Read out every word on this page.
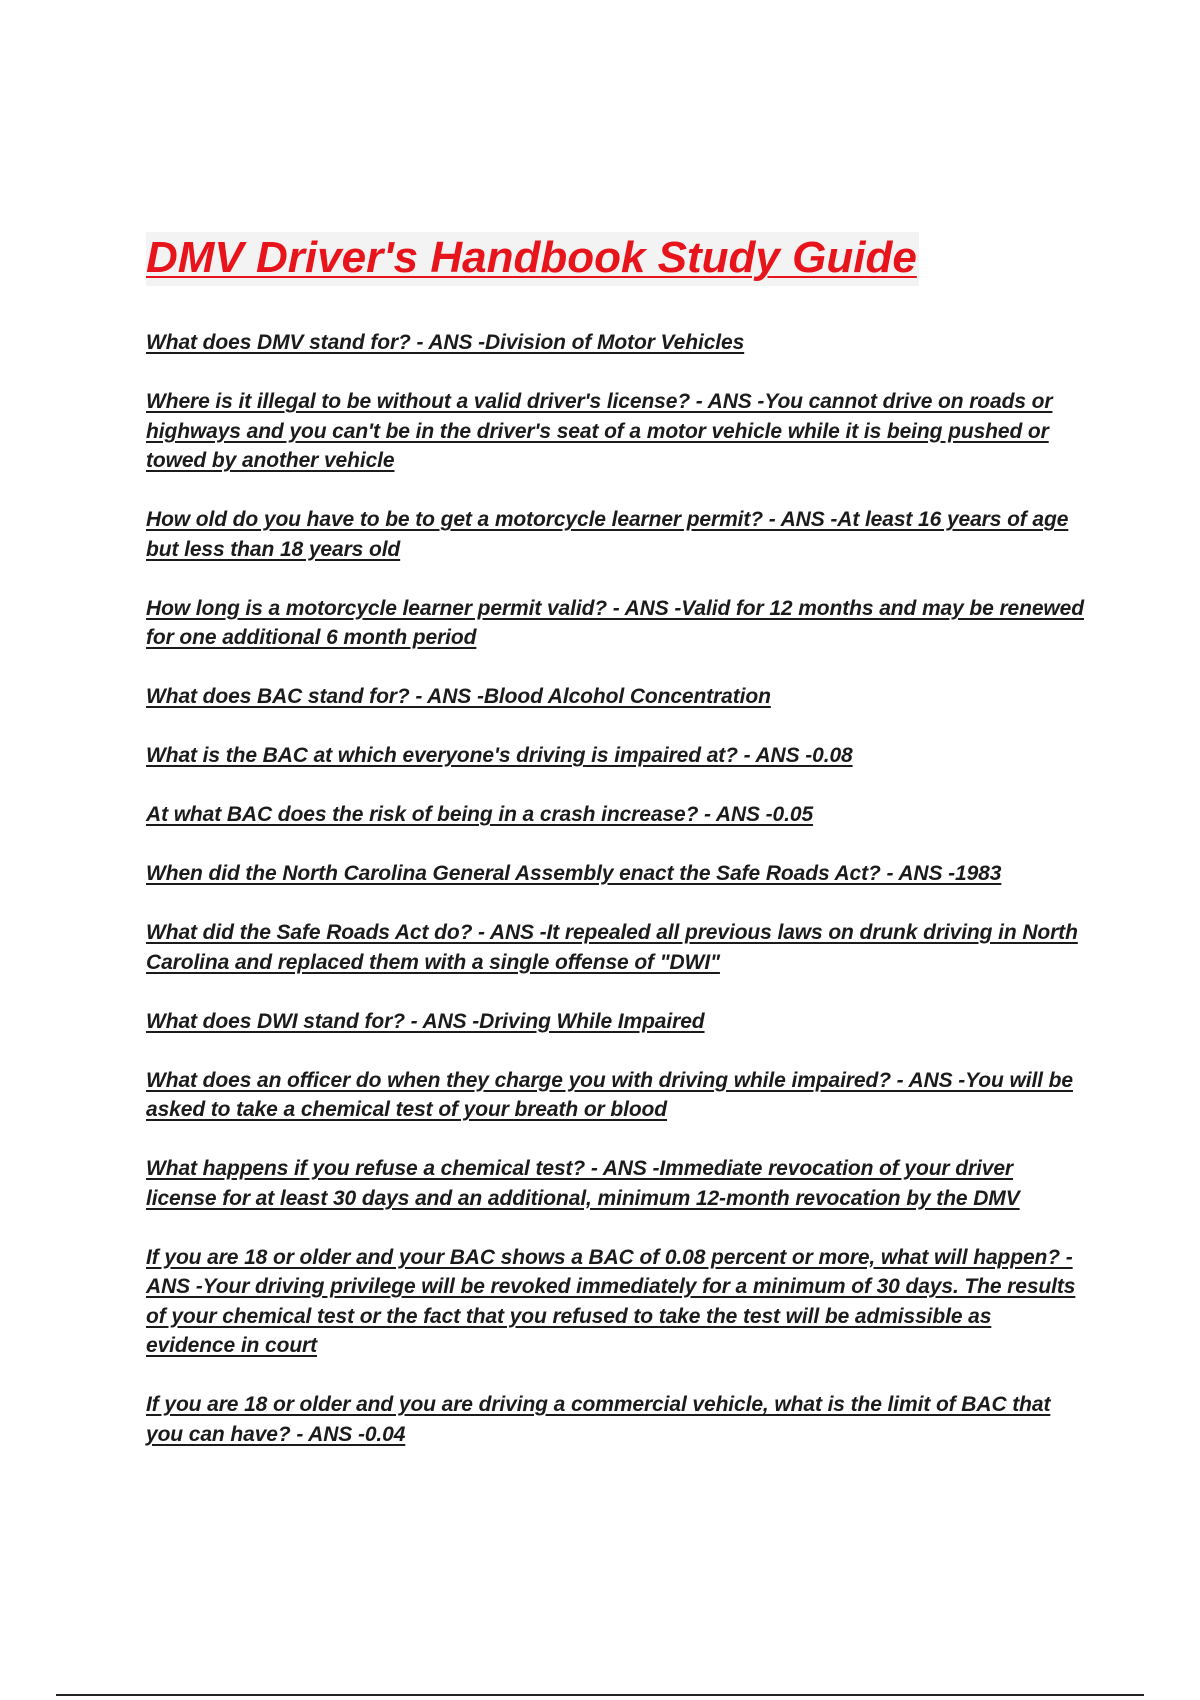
DMV Driver's Handbook Study Guide
What does DMV stand for? - ANS -Division of Motor Vehicles
Where is it illegal to be without a valid driver's license? - ANS -You cannot drive on roads or highways and you can't be in the driver's seat of a motor vehicle while it is being pushed or towed by another vehicle
How old do you have to be to get a motorcycle learner permit? - ANS -At least 16 years of age but less than 18 years old
How long is a motorcycle learner permit valid? - ANS -Valid for 12 months and may be renewed for one additional 6 month period
What does BAC stand for? - ANS -Blood Alcohol Concentration
What is the BAC at which everyone's driving is impaired at? - ANS -0.08
At what BAC does the risk of being in a crash increase? - ANS -0.05
When did the North Carolina General Assembly enact the Safe Roads Act? - ANS -1983
What did the Safe Roads Act do? - ANS -It repealed all previous laws on drunk driving in North Carolina and replaced them with a single offense of "DWI"
What does DWI stand for? - ANS -Driving While Impaired
What does an officer do when they charge you with driving while impaired? - ANS -You will be asked to take a chemical test of your breath or blood
What happens if you refuse a chemical test? - ANS -Immediate revocation of your driver license for at least 30 days and an additional, minimum 12-month revocation by the DMV
If you are 18 or older and your BAC shows a BAC of 0.08 percent or more, what will happen? - ANS -Your driving privilege will be revoked immediately for a minimum of 30 days. The results of your chemical test or the fact that you refused to take the test will be admissible as evidence in court
If you are 18 or older and you are driving a commercial vehicle, what is the limit of BAC that you can have? - ANS -0.04
